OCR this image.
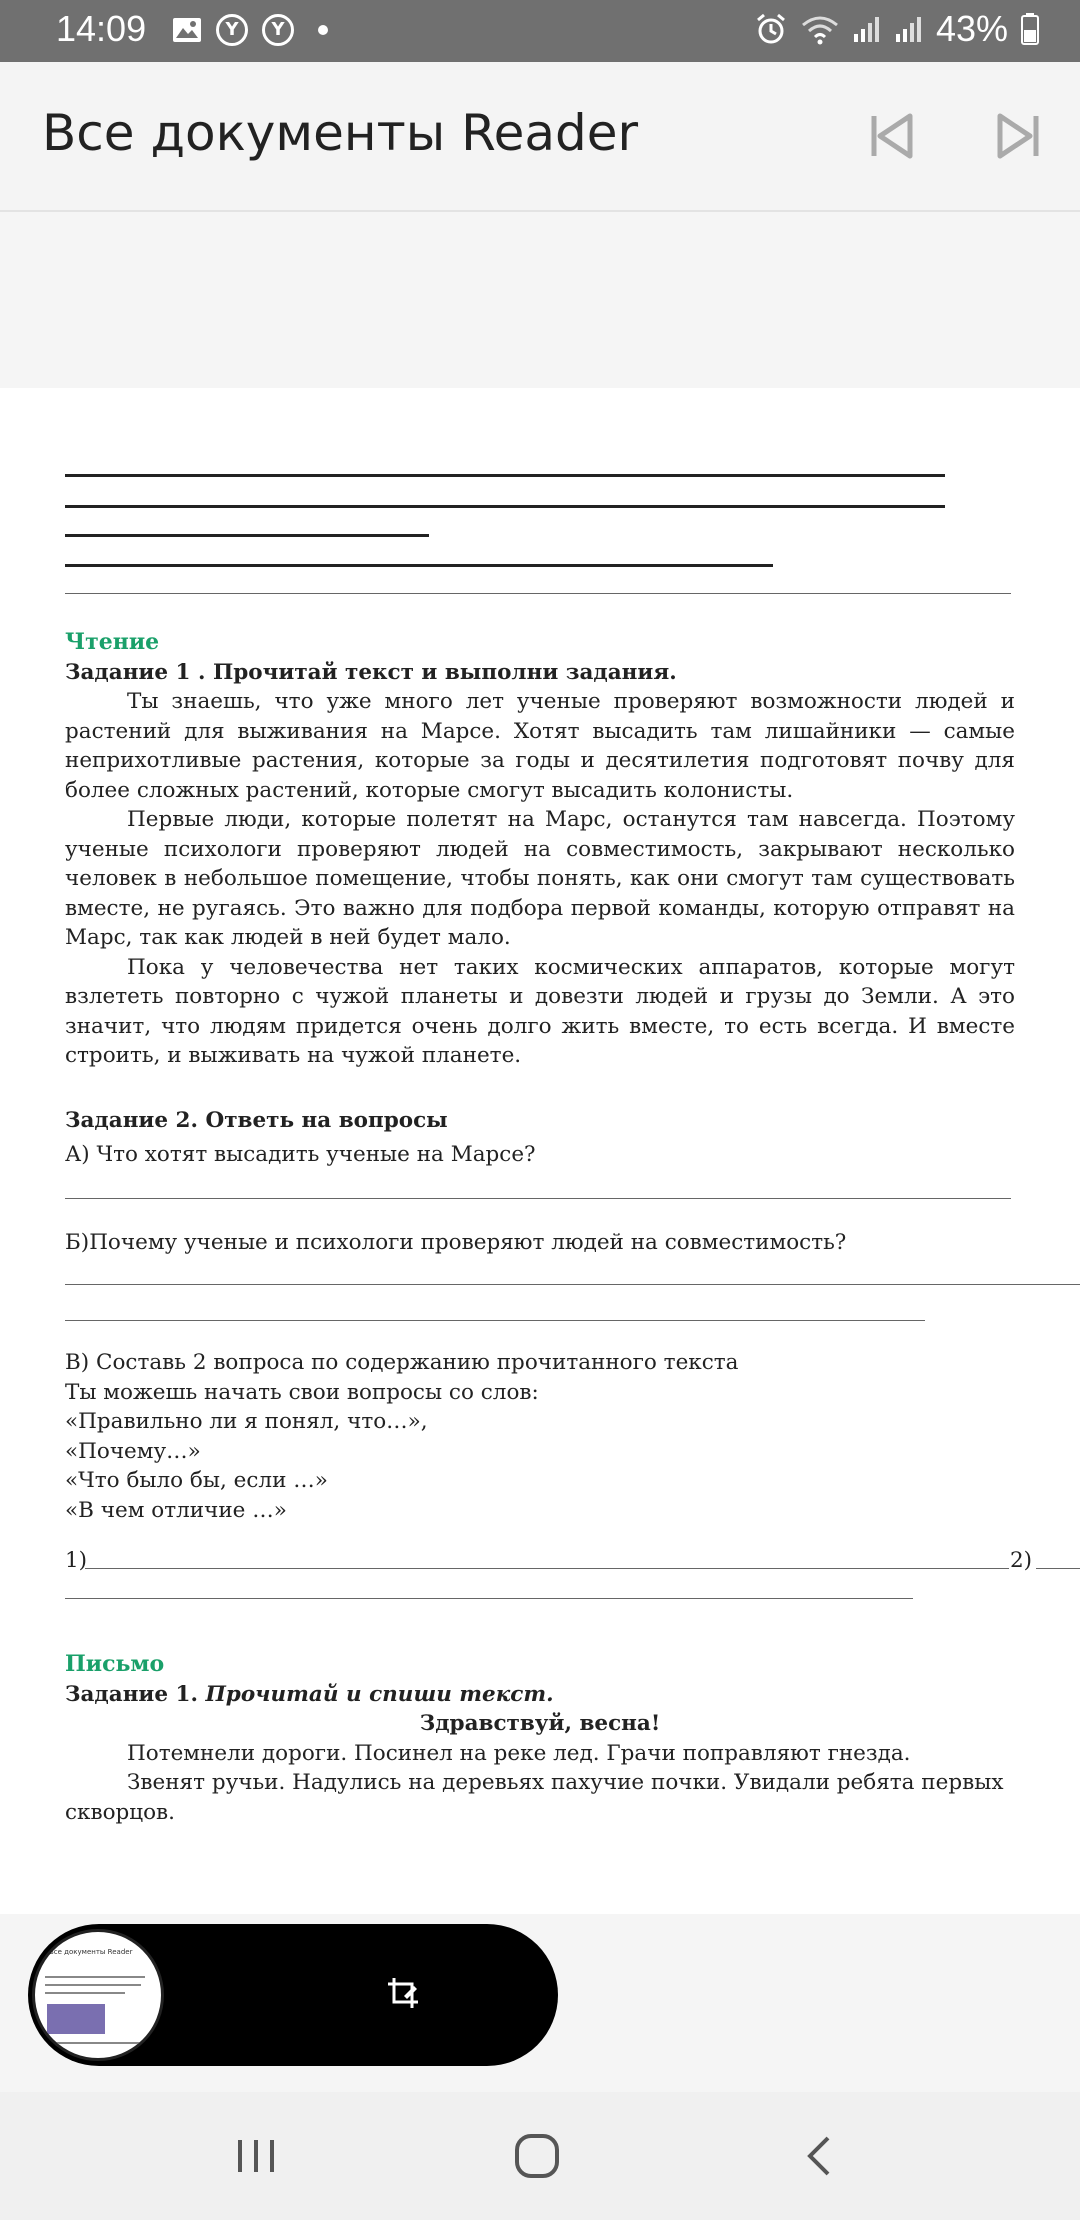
14:09	Y	Y	43%
Все документы Reader
Чтение
Задание 1 . Прочитай текст и выполни задания.

Ты знаешь, что уже много лет ученые проверяют возможности людей и растений для выживания на Марсе. Хотят высадить там лишайники — самые неприхотливые растения, которые за годы и десятилетия подготовят почву для более сложных растений, которые смогут высадить колонисты.

Первые люди, которые полетят на Марс, останутся там навсегда. Поэтому ученые психологи проверяют людей на совместимость, закрывают несколько человек в небольшое помещение, чтобы понять, как они смогут там существовать вместе, не ругаясь. Это важно для подбора первой команды, которую отправят на Марс, так как людей в ней будет мало.

Пока у человечества нет таких космических аппаратов, которые могут взлететь повторно с чужой планеты и довезти людей и грузы до Земли. А это значит, что людям придется очень долго жить вместе, то есть всегда. И вместе строить, и выживать на чужой планете.

Задание 2. Ответь на вопросы
А) Что хотят высадить ученые на Марсе?
Б)Почему ученые и психологи проверяют людей на совместимость?
В) Составь 2 вопроса по содержанию прочитанного текста
Ты можешь начать свои вопросы со слов:
«Правильно ли я понял, что…»,
«Почему…»
«Что было бы, если …»
«В чем отличие …»
1)	2)
Письмо
Задание 1. Прочитай и спиши текст.
Здравствуй, весна!

Потемнели дороги. Посинел на реке лед. Грачи поправляют гнезда.

Звенят ручьи. Надулись на деревьях пахучие почки. Увидали ребята первых скворцов.

Все документы Reader
